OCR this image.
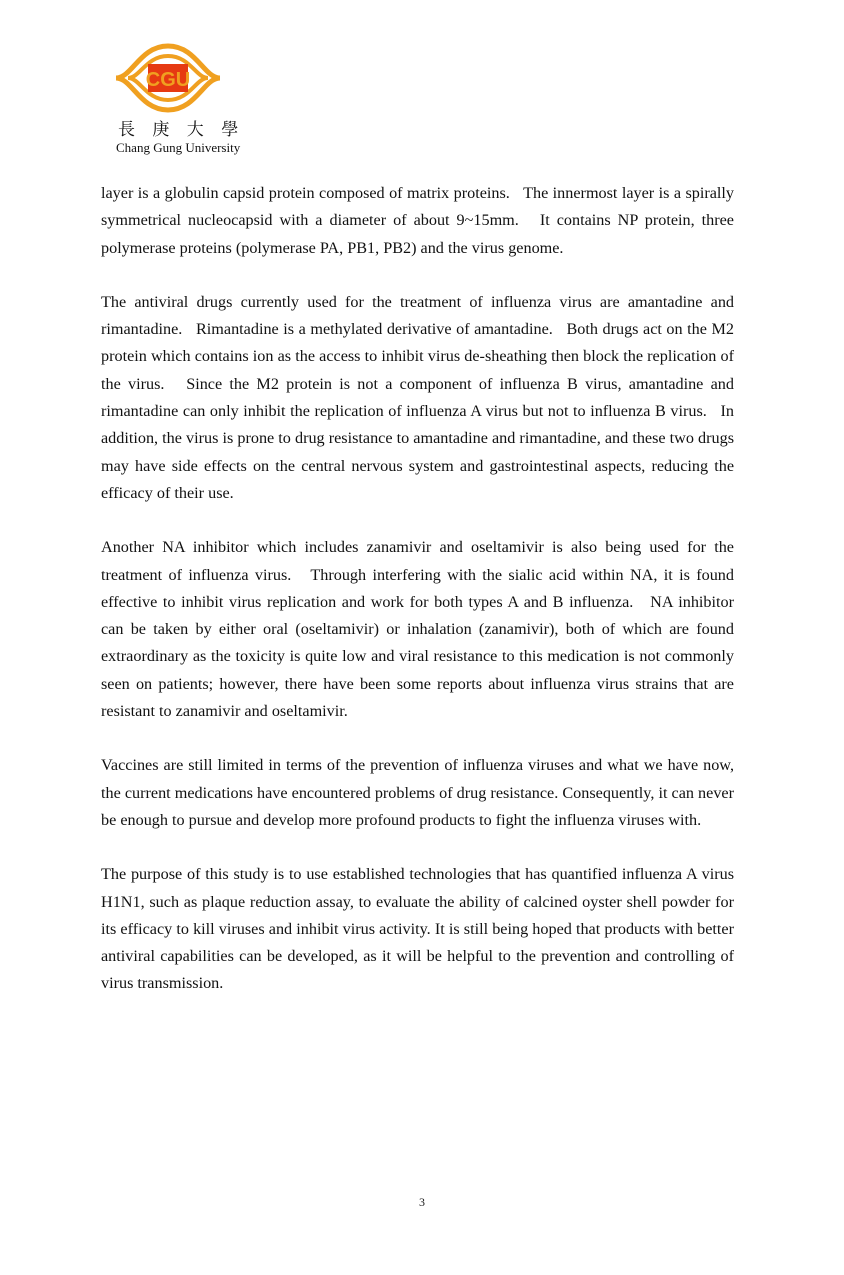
CGU
長 庚 大 學
Chang Gung University

layer is a globulin capsid protein composed of matrix proteins.   The innermost layer is a spirally symmetrical nucleocapsid with a diameter of about 9~15mm.   It contains NP protein, three polymerase proteins (polymerase PA, PB1, PB2) and the virus genome.

The antiviral drugs currently used for the treatment of influenza virus are amantadine and rimantadine.   Rimantadine is a methylated derivative of amantadine.   Both drugs act on the M2 protein which contains ion as the access to inhibit virus de-sheathing then block the replication of the virus.   Since the M2 protein is not a component of influenza B virus, amantadine and rimantadine can only inhibit the replication of influenza A virus but not to influenza B virus.   In addition, the virus is prone to drug resistance to amantadine and rimantadine, and these two drugs may have side effects on the central nervous system and gastrointestinal aspects, reducing the efficacy of their use.

Another NA inhibitor which includes zanamivir and oseltamivir is also being used for the treatment of influenza virus.   Through interfering with the sialic acid within NA, it is found effective to inhibit virus replication and work for both types A and B influenza.   NA inhibitor can be taken by either oral (oseltamivir) or inhalation (zanamivir), both of which are found extraordinary as the toxicity is quite low and viral resistance to this medication is not commonly seen on patients; however, there have been some reports about influenza virus strains that are resistant to zanamivir and oseltamivir.

Vaccines are still limited in terms of the prevention of influenza viruses and what we have now, the current medications have encountered problems of drug resistance. Consequently, it can never be enough to pursue and develop more profound products to fight the influenza viruses with.

The purpose of this study is to use established technologies that has quantified influenza A virus H1N1, such as plaque reduction assay, to evaluate the ability of calcined oyster shell powder for its efficacy to kill viruses and inhibit virus activity. It is still being hoped that products with better antiviral capabilities can be developed, as it will be helpful to the prevention and controlling of virus transmission.

3
